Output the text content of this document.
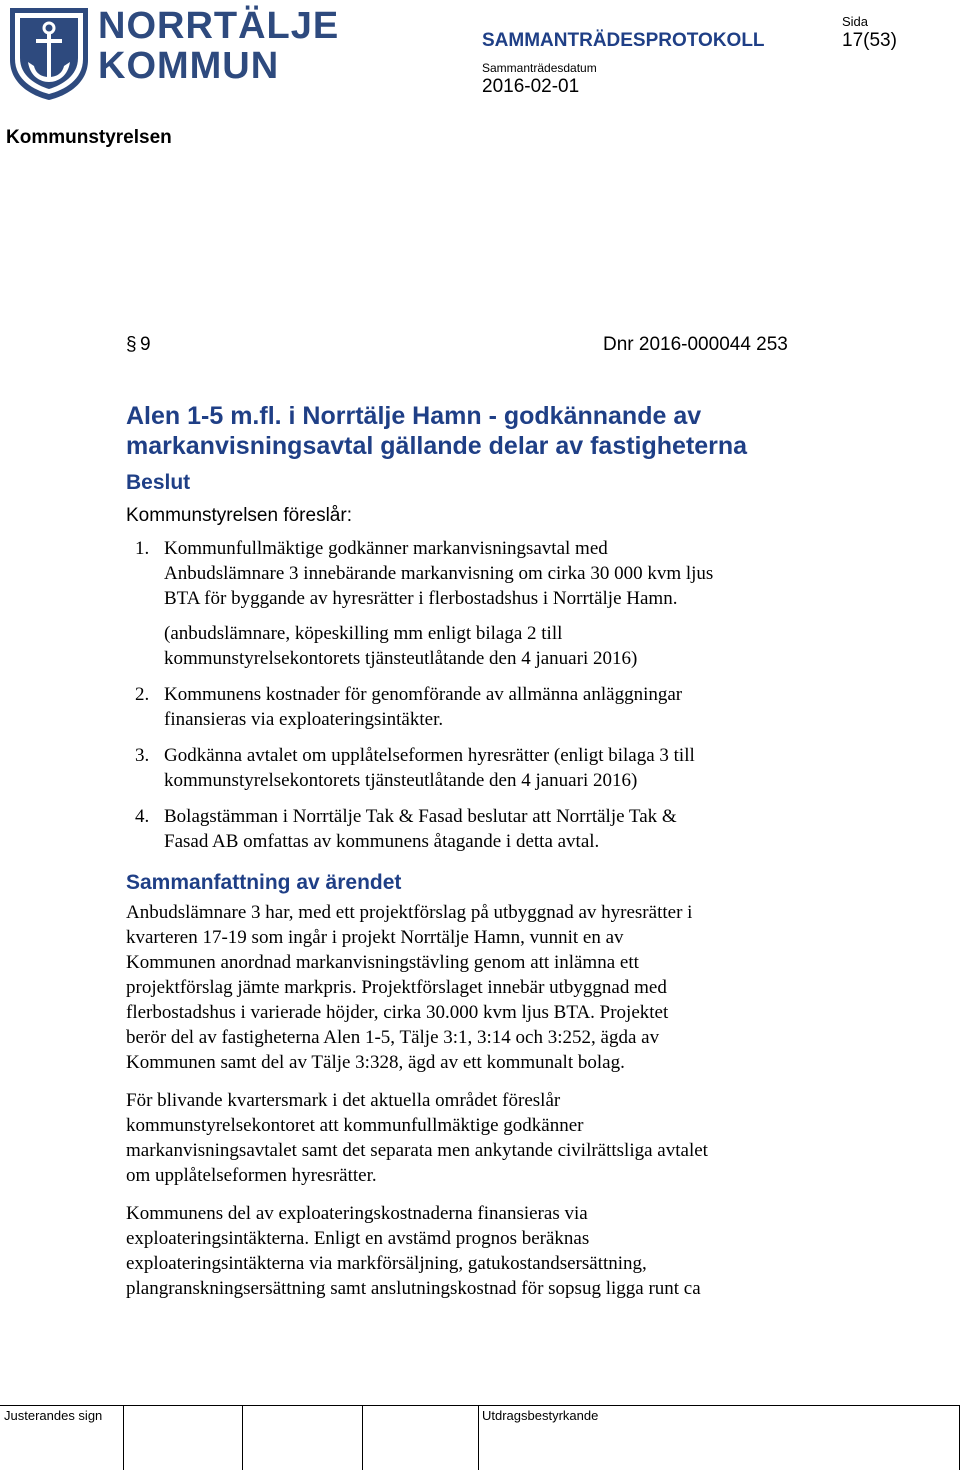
NORRTÄLJE
KOMMUN
SAMMANTRÄDESPROTOKOLL
Sida
17(53)
Sammanträdesdatum
2016-02-01
Kommunstyrelsen
§ 9	Dnr 2016-000044 253
Alen 1-5 m.fl. i Norrtälje Hamn - godkännande av markanvisningsavtal gällande delar av fastigheterna
Beslut
Kommunstyrelsen föreslår:
1. Kommunfullmäktige godkänner markanvisningsavtal med

Anbudslämnare 3 innebärande markanvisning om cirka 30 000 kvm ljus

BTA för byggande av hyresrätter i flerbostadshus i Norrtälje Hamn.

(anbudslämnare, köpeskilling mm enligt bilaga 2 till

kommunstyrelsekontorets tjänsteutlåtande den 4 januari 2016)

2. Kommunens kostnader för genomförande av allmänna anläggningar

finansieras via exploateringsintäkter.

3. Godkänna avtalet om upplåtelseformen hyresrätter (enligt bilaga 3 till

kommunstyrelsekontorets tjänsteutlåtande den 4 januari 2016)

4. Bolagstämman i Norrtälje Tak & Fasad beslutar att Norrtälje Tak &

Fasad AB omfattas av kommunens åtagande i detta avtal.

Sammanfattning av ärendet

Anbudslämnare 3 har, med ett projektförslag på utbyggnad av hyresrätter i

kvarteren 17-19 som ingår i projekt Norrtälje Hamn, vunnit en av

Kommunen anordnad markanvisningstävling genom att inlämna ett

projektförslag jämte markpris. Projektförslaget innebär utbyggnad med

flerbostadshus i varierade höjder, cirka 30.000 kvm ljus BTA. Projektet

berör del av fastigheterna Alen 1-5, Tälje 3:1, 3:14 och 3:252, ägda av

Kommunen samt del av Tälje 3:328, ägd av ett kommunalt bolag.

För blivande kvartersmark i det aktuella området föreslår

kommunstyrelsekontoret att kommunfullmäktige godkänner

markanvisningsavtalet samt det separata men ankytande civilrättsliga avtalet

om upplåtelseformen hyresrätter.

Kommunens del av exploateringskostnaderna finansieras via

exploateringsintäkterna. Enligt en avstämd prognos beräknas

exploateringsintäkterna via markförsäljning, gatukostandsersättning,

plangranskningsersättning samt anslutningskostnad för sopsug ligga runt ca

Justerandes sign	Utdragsbestyrkande
